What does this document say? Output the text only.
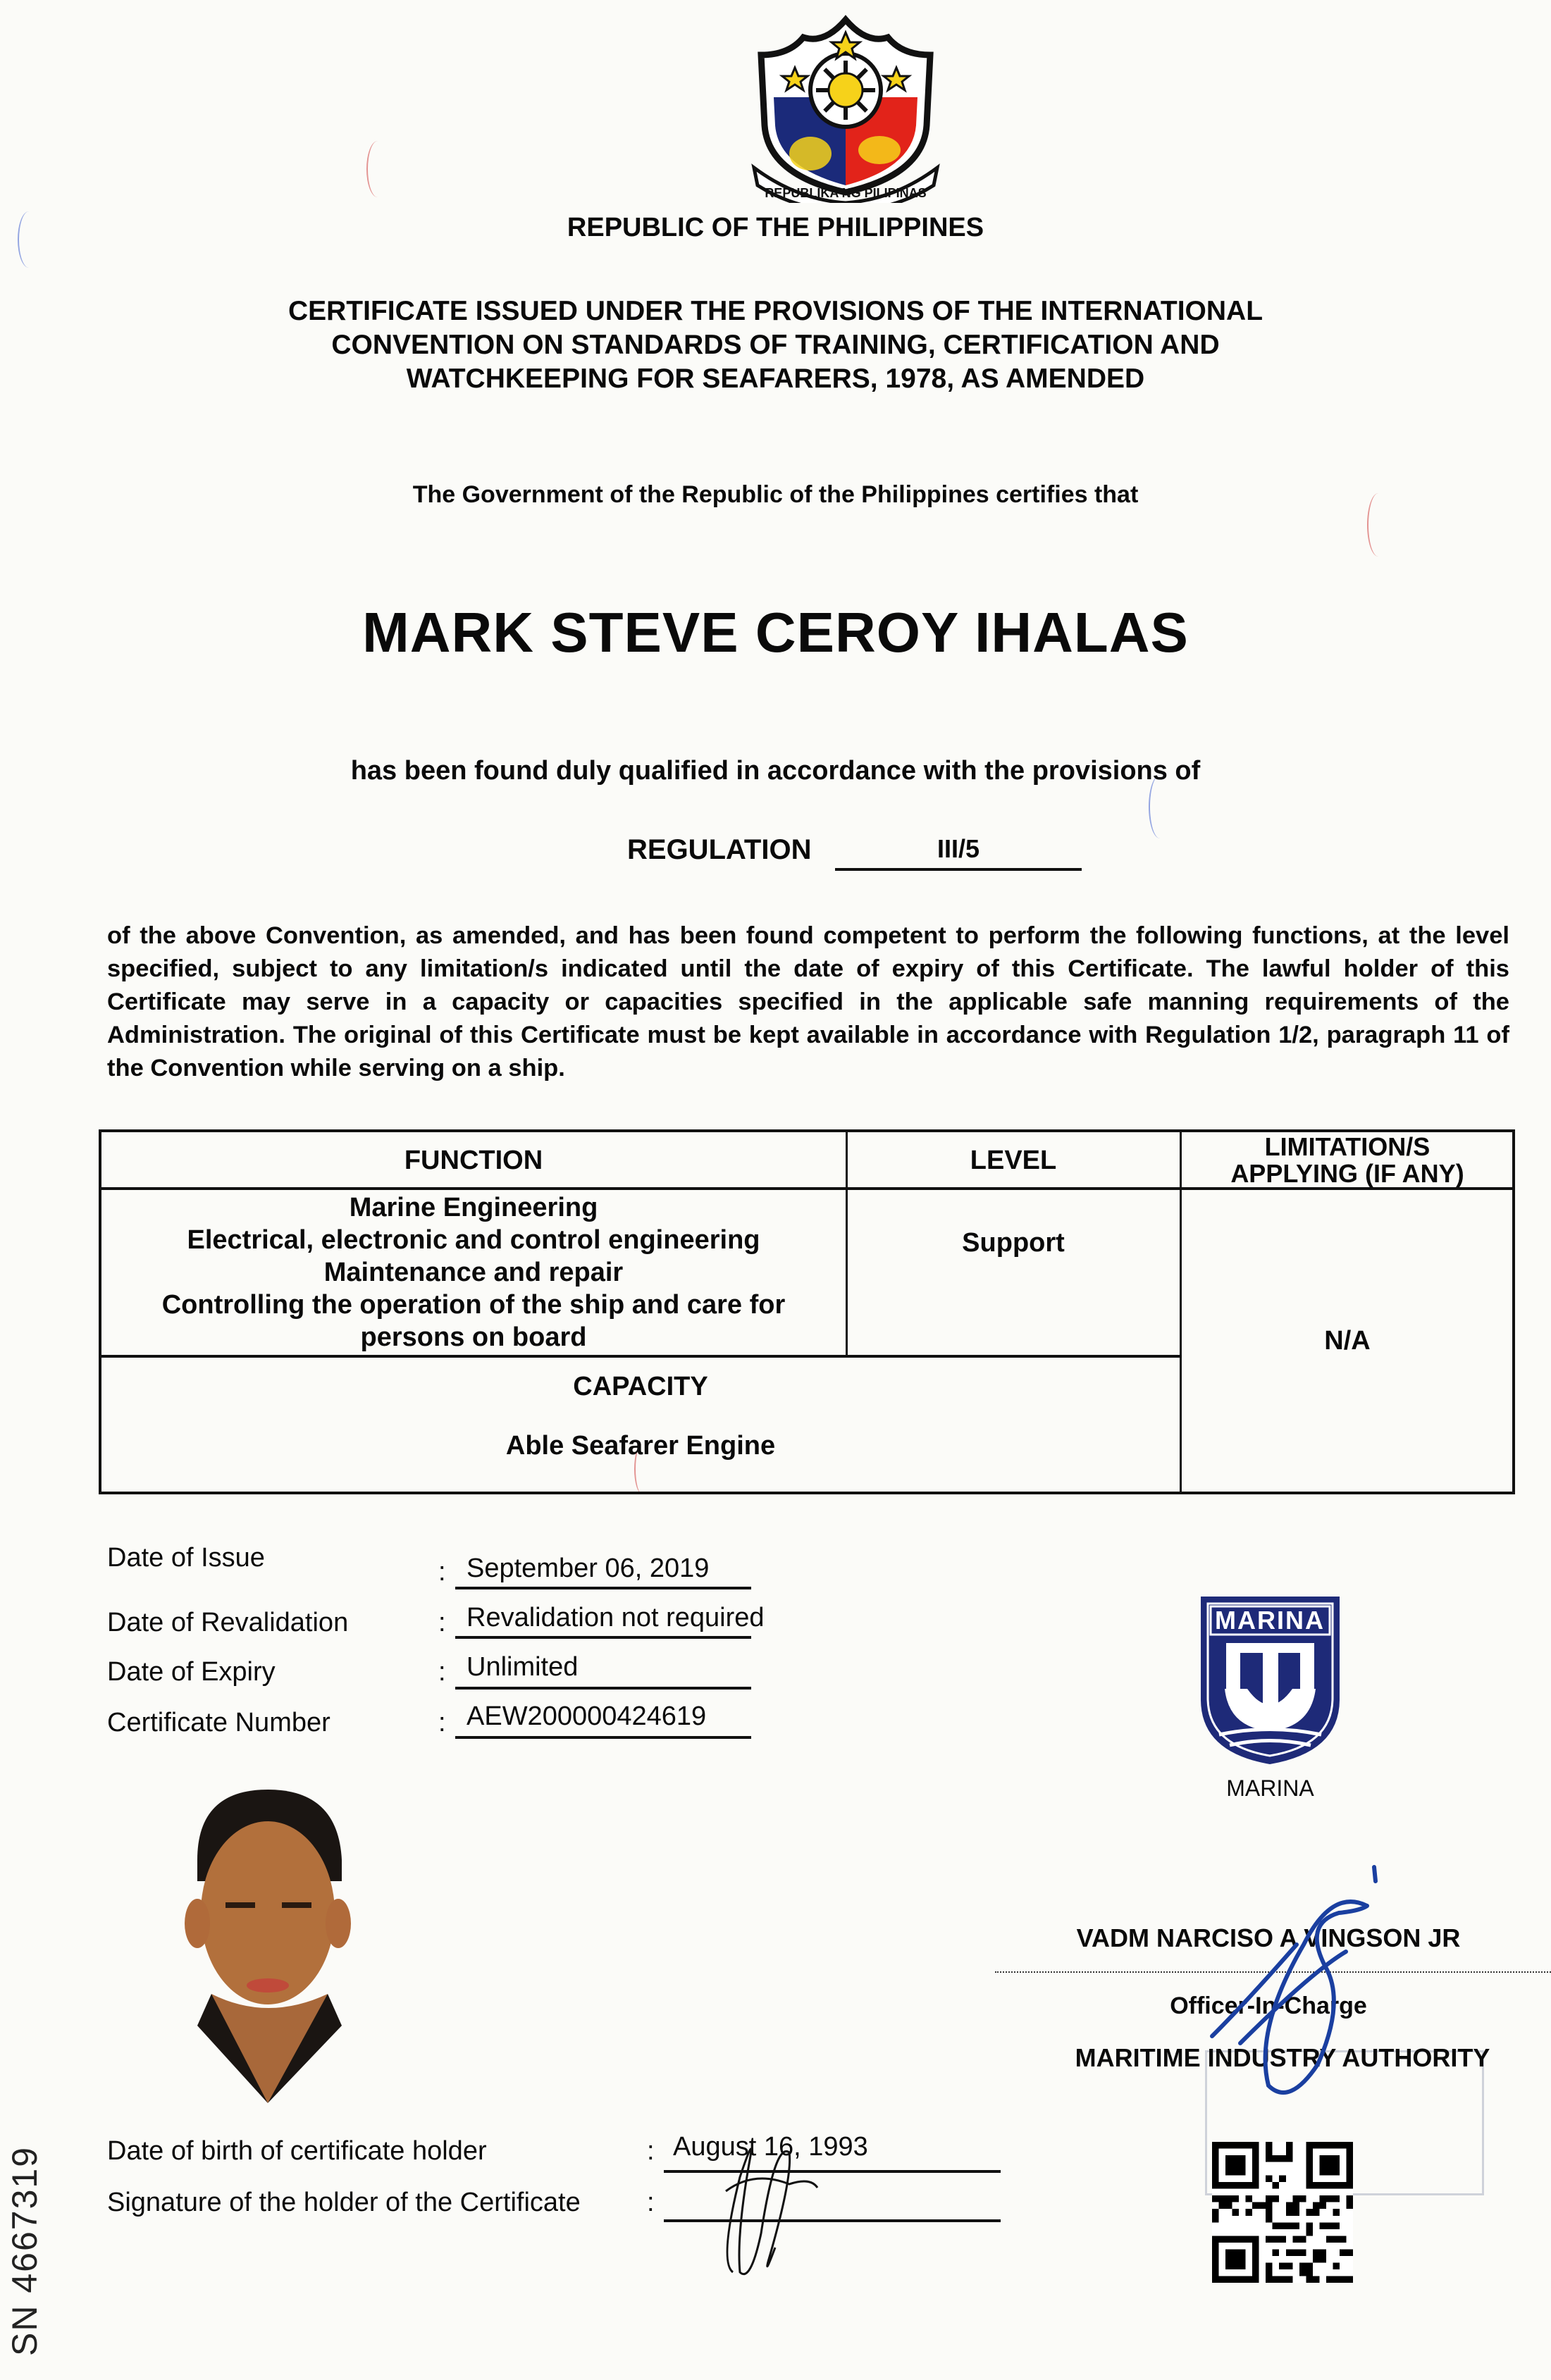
REPUBLIKA NG PILIPINAS
REPUBLIC OF THE PHILIPPINES
CERTIFICATE ISSUED UNDER THE PROVISIONS OF THE INTERNATIONAL
CONVENTION ON STANDARDS OF TRAINING, CERTIFICATION AND
WATCHKEEPING FOR SEAFARERS, 1978, AS AMENDED
The Government of the Republic of the Philippines certifies that
MARK STEVE CEROY IHALAS
has been found duly qualified in accordance with the provisions of
REGULATION	III/5
of the above Convention, as amended, and has been found competent to perform the following functions, at the level specified, subject to any limitation/s indicated until the date of expiry of this Certificate. The lawful holder of this Certificate may serve in a capacity or capacities specified in the applicable safe manning requirements of the Administration. The original of this Certificate must be kept available in accordance with Regulation 1/2, paragraph 11 of the Convention while serving on a ship.
FUNCTION	LEVEL	LIMITATION/S
APPLYING (IF ANY)
Marine Engineering
Electrical, electronic and control engineering
Maintenance and repair
Controlling the operation of the ship and care for
persons on board
Support
N/A
CAPACITY
Able Seafarer Engine
Date of Issue	: September 06, 2019
Date of Revalidation	: Revalidation not required
Date of Expiry	: Unlimited
Certificate Number	: AEW200000424619
MARINA
MARINA
VADM NARCISO A VINGSON JR
Officer-In-Charge
MARITIME INDUSTRY AUTHORITY
Date of birth of certificate holder	: August 16, 1993
Signature of the holder of the Certificate :
SN 4667319
